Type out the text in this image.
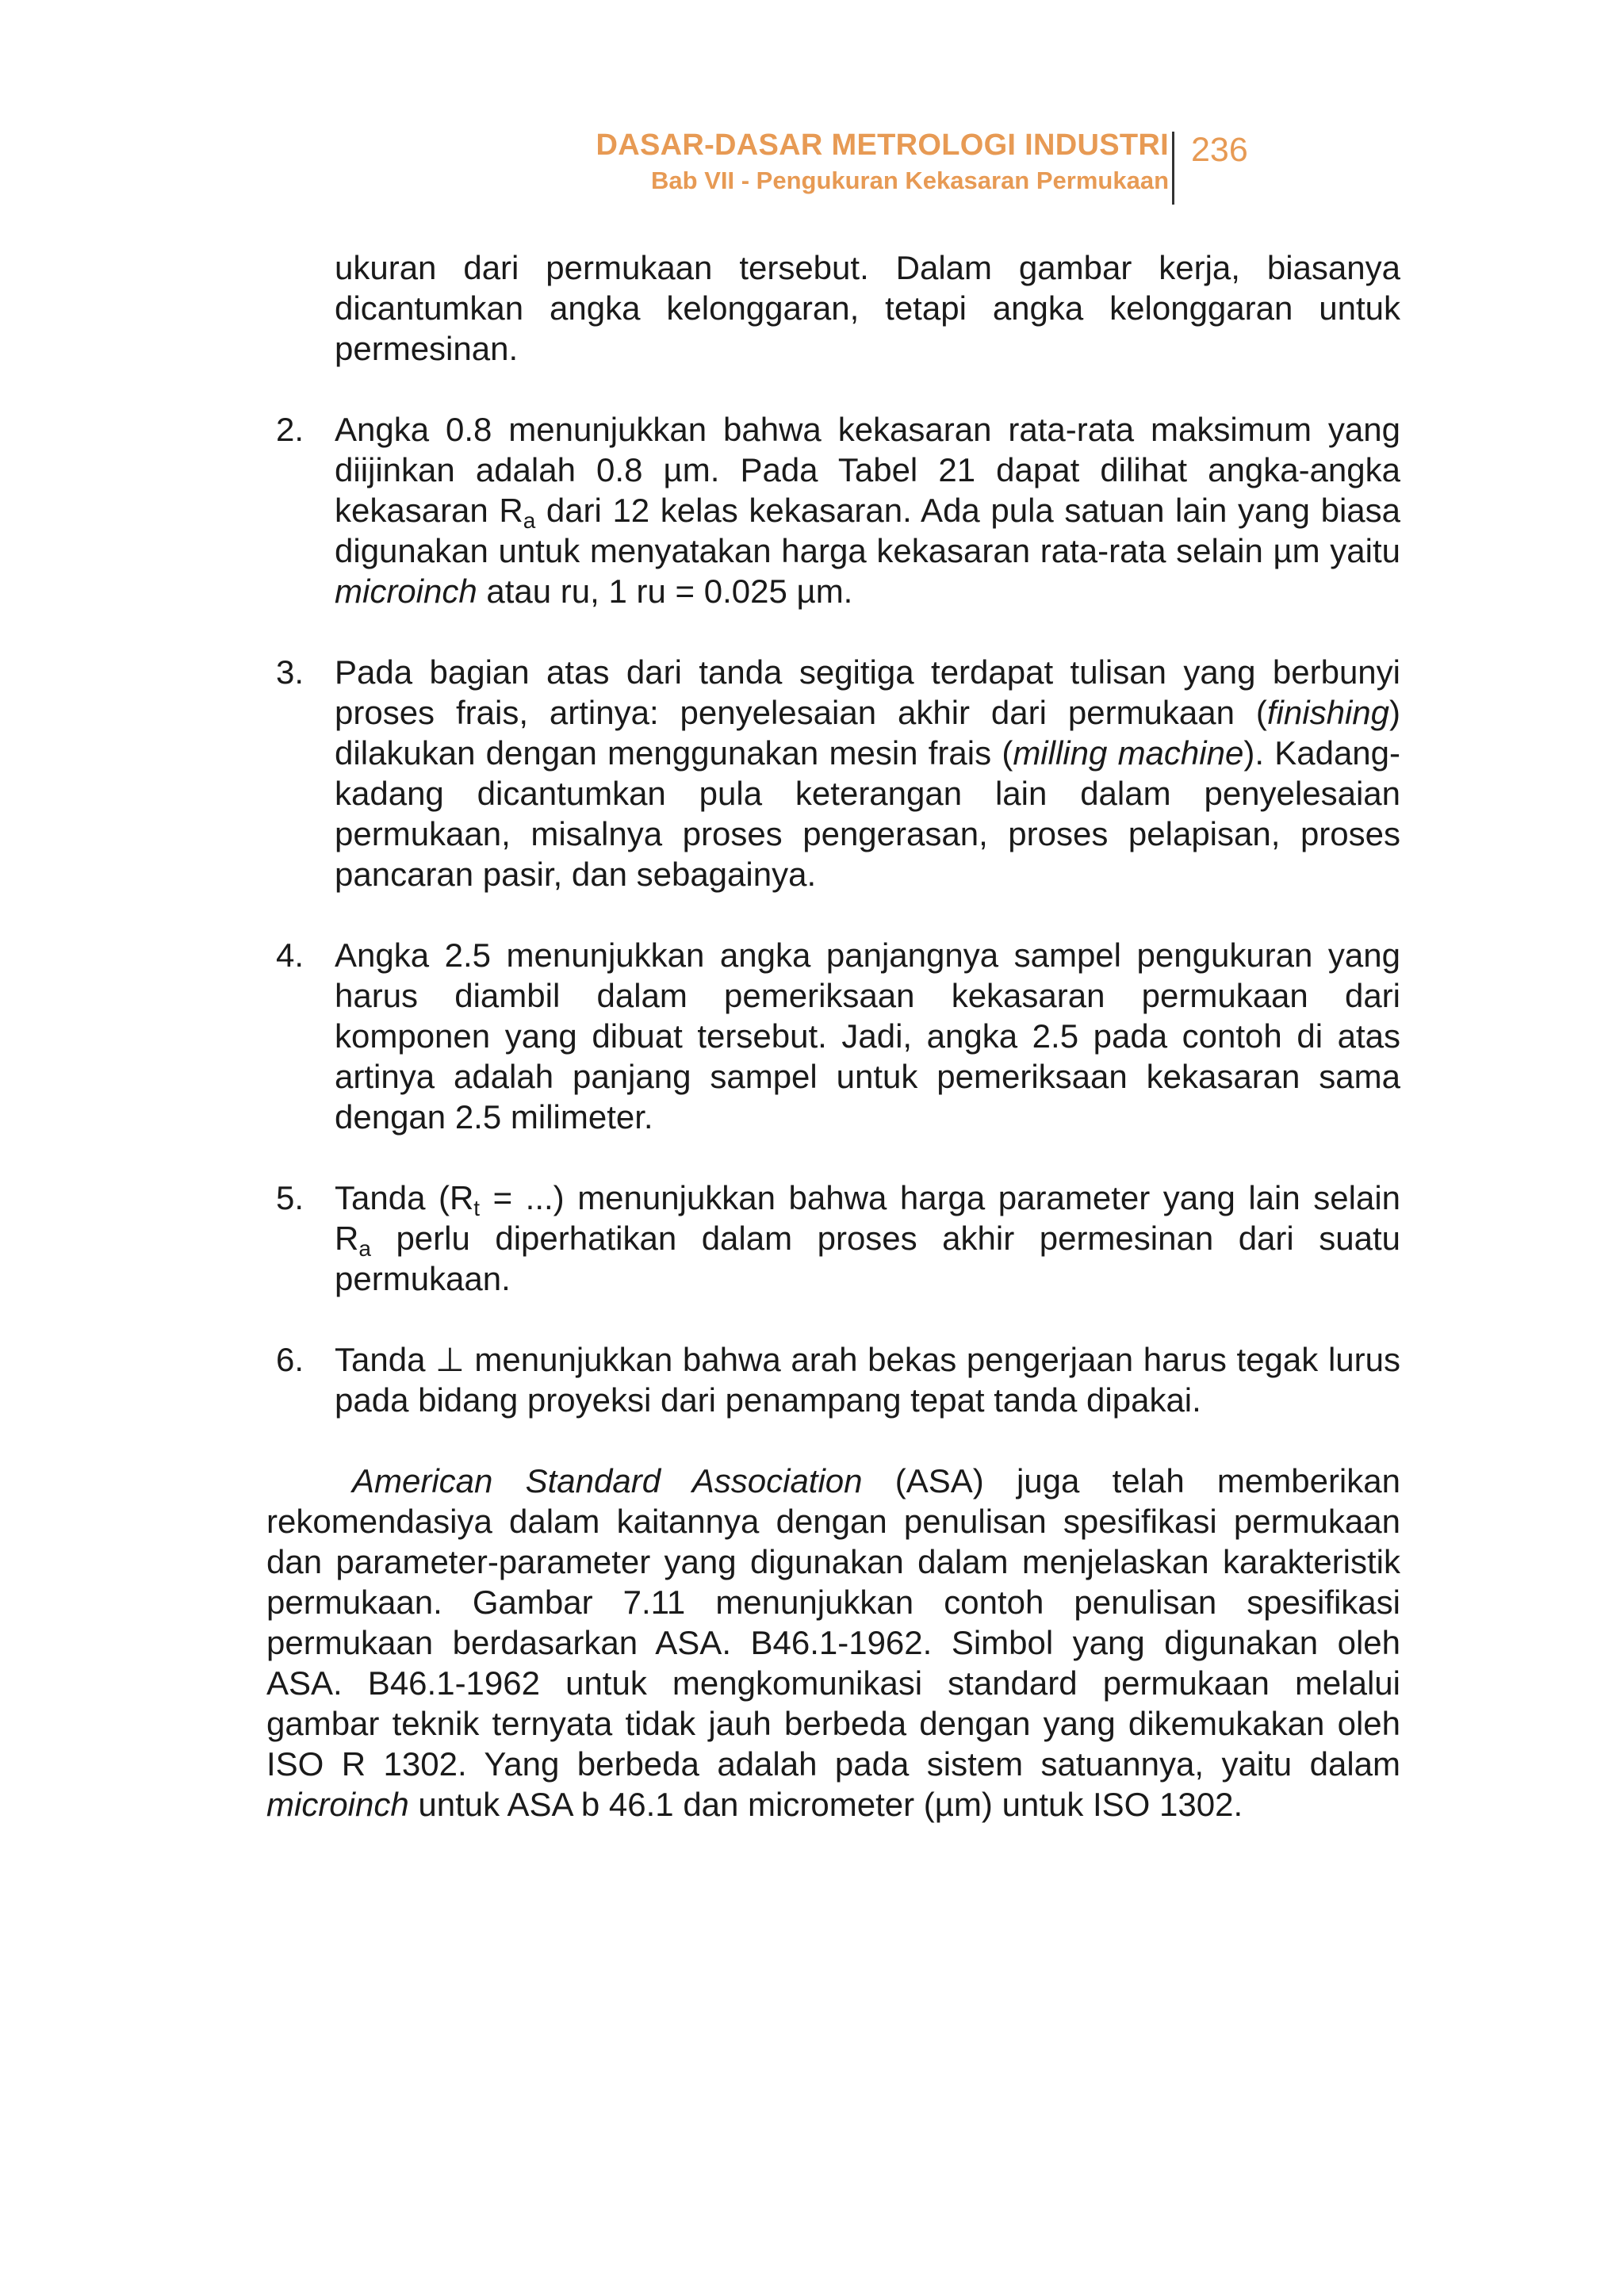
DASAR-DASAR METROLOGI INDUSTRI
Bab VII - Pengukuran Kekasaran Permukaan
236

ukuran dari permukaan tersebut. Dalam gambar kerja, biasanya dicantumkan angka kelonggaran, tetapi angka kelonggaran untuk permesinan.

2. Angka 0.8 menunjukkan bahwa kekasaran rata-rata maksimum yang diijinkan adalah 0.8 µm. Pada Tabel 21 dapat dilihat angka-angka kekasaran $R_a$ dari 12 kelas kekasaran. Ada pula satuan lain yang biasa digunakan untuk menyatakan harga kekasaran rata-rata selain µm yaitu microinch atau ru, 1 ru = 0.025 µm.
3. Pada bagian atas dari tanda segitiga terdapat tulisan yang berbunyi proses frais, artinya: penyelesaian akhir dari permukaan (finishing) dilakukan dengan menggunakan mesin frais (milling machine). Kadang-kadang dicantumkan pula keterangan lain dalam penyelesaian permukaan, misalnya proses pengerasan, proses pelapisan, proses pancaran pasir, dan sebagainya.
4. Angka 2.5 menunjukkan angka panjangnya sampel pengukuran yang harus diambil dalam pemeriksaan kekasaran permukaan dari komponen yang dibuat tersebut. Jadi, angka 2.5 pada contoh di atas artinya adalah panjang sampel untuk pemeriksaan kekasaran sama dengan 2.5 milimeter.
5. Tanda ($R_t$ = ...) menunjukkan bahwa harga parameter yang lain selain $R_a$ perlu diperhatikan dalam proses akhir permesinan dari suatu permukaan.
6. Tanda ⊥ menunjukkan bahwa arah bekas pengerjaan harus tegak lurus pada bidang proyeksi dari penampang tepat tanda dipakai.

American Standard Association (ASA) juga telah memberikan rekomendasiya dalam kaitannya dengan penulisan spesifikasi permukaan dan parameter-parameter yang digunakan dalam menjelaskan karakteristik permukaan. Gambar 7.11 menunjukkan contoh penulisan spesifikasi permukaan berdasarkan ASA. B46.1-1962. Simbol yang digunakan oleh ASA. B46.1-1962 untuk mengkomunikasi standard permukaan melalui gambar teknik ternyata tidak jauh berbeda dengan yang dikemukakan oleh ISO R 1302. Yang berbeda adalah pada sistem satuannya, yaitu dalam microinch untuk ASA b 46.1 dan micrometer (µm) untuk ISO 1302.
